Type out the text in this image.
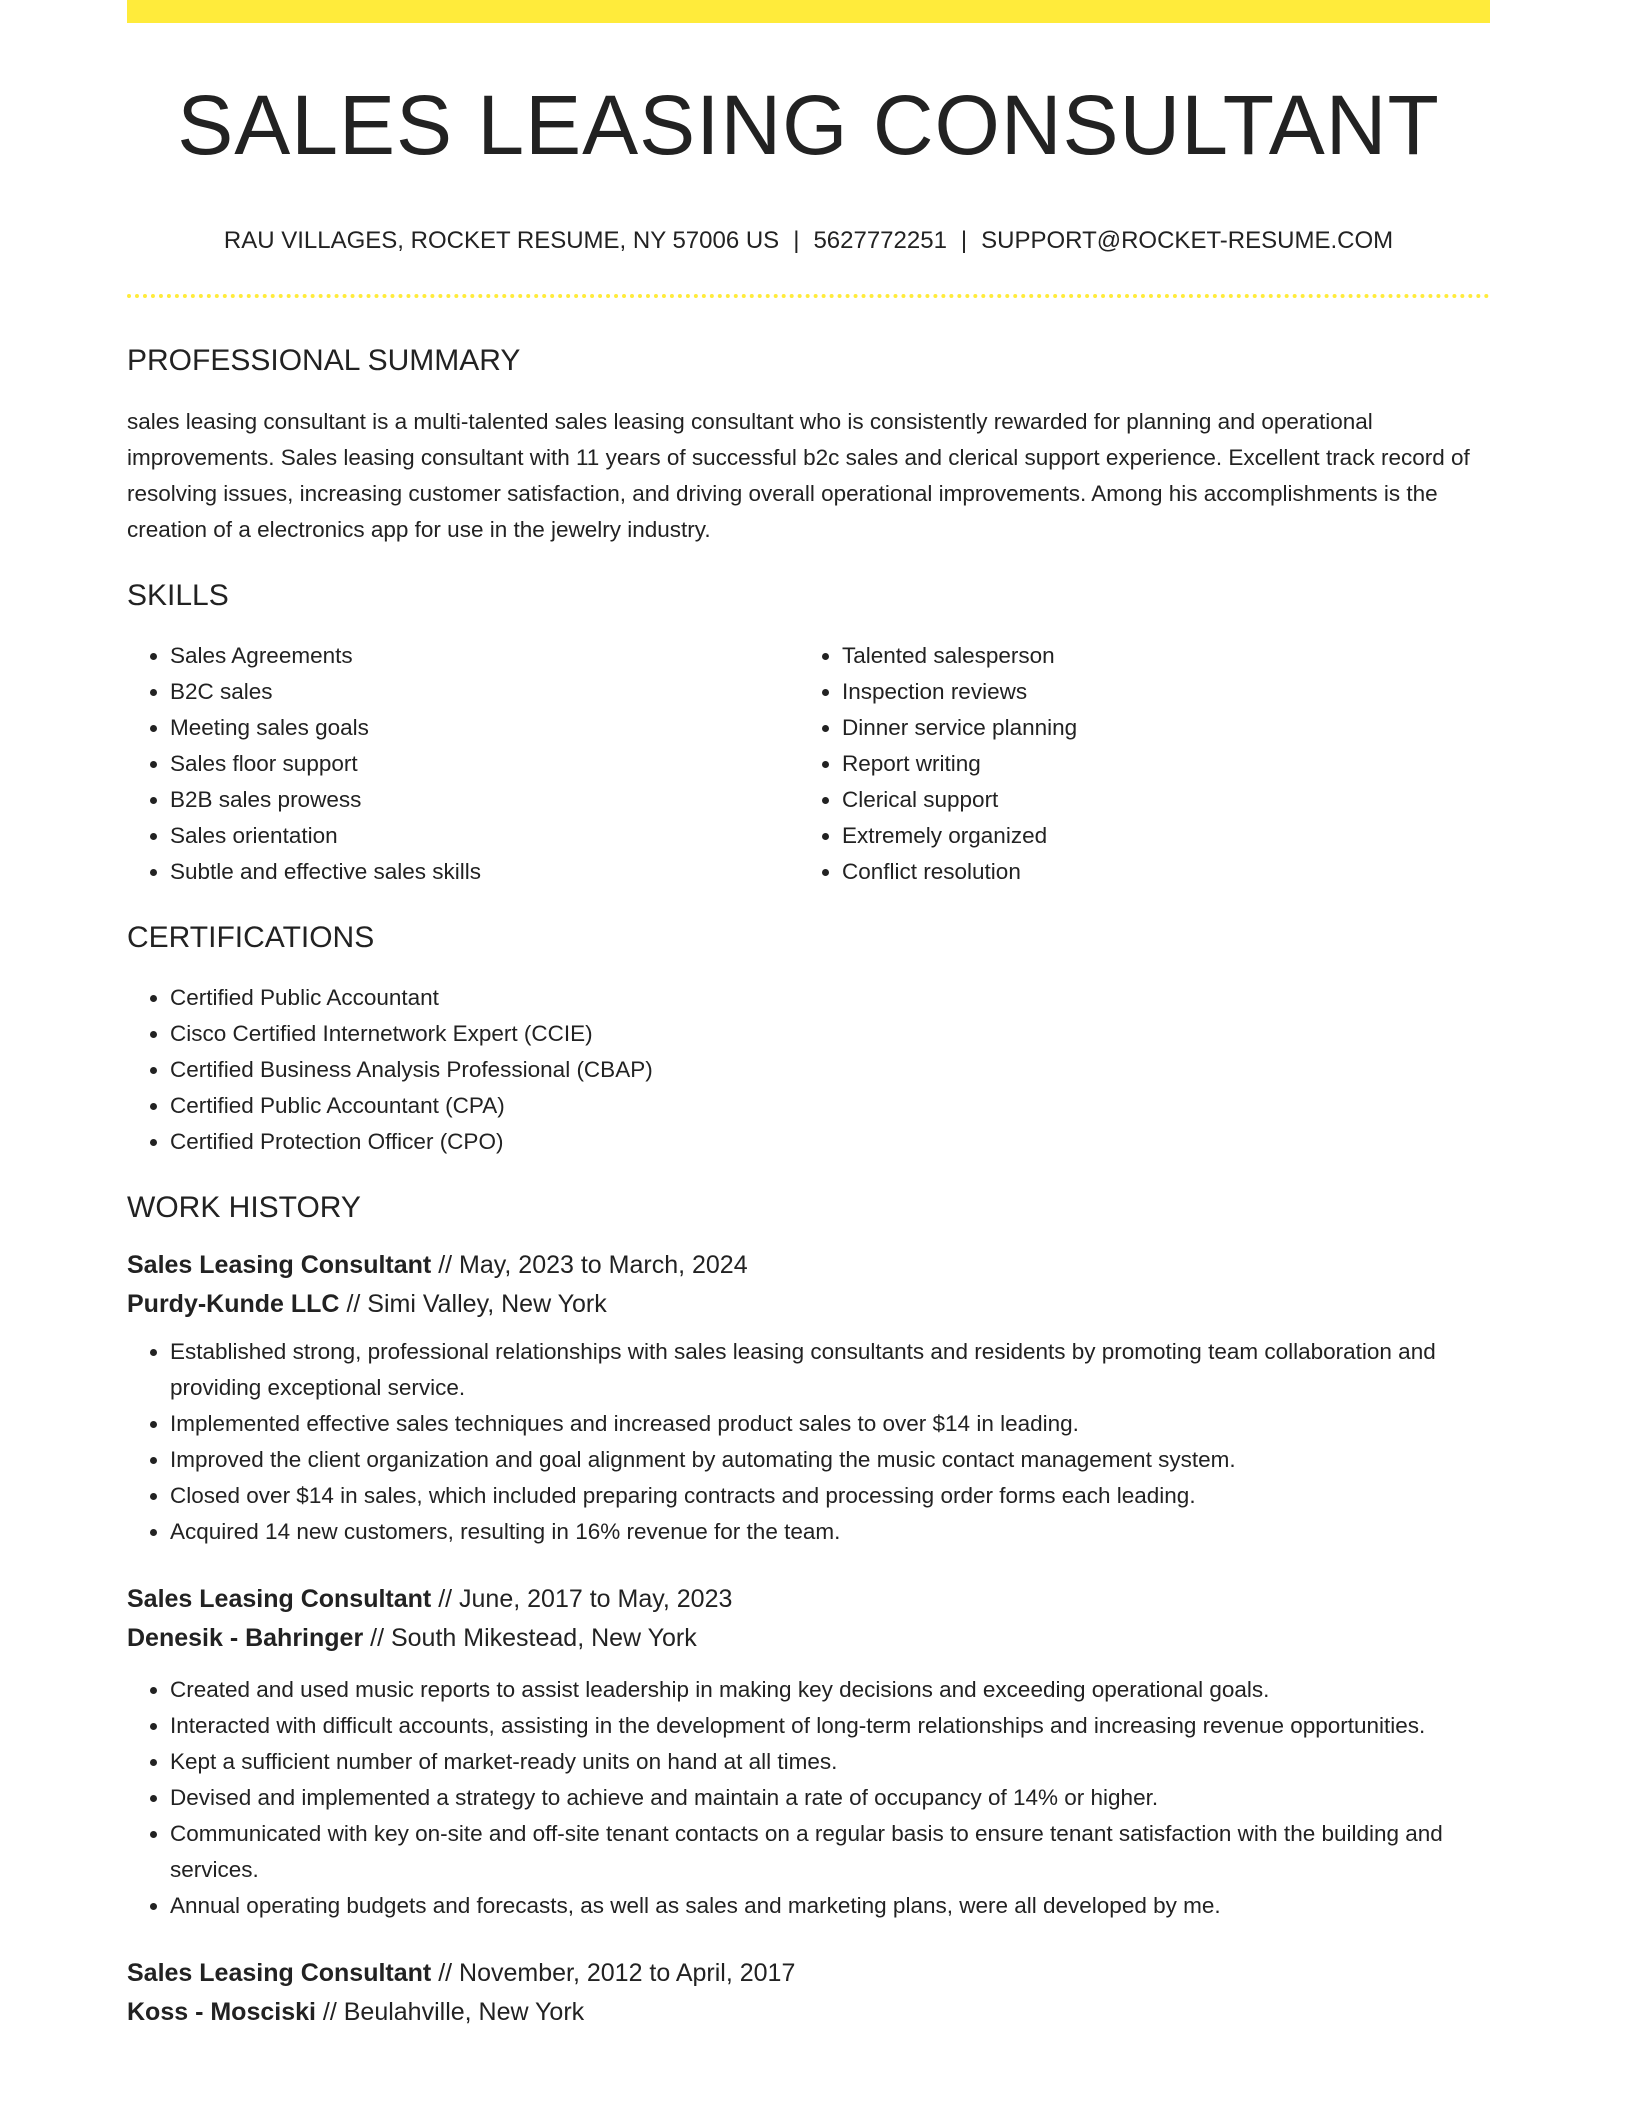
SALES LEASING CONSULTANT
RAU VILLAGES, ROCKET RESUME, NY 57006 US | 5627772251 | SUPPORT@ROCKET-RESUME.COM
PROFESSIONAL SUMMARY

sales leasing consultant is a multi-talented sales leasing consultant who is consistently rewarded for planning and operational improvements. Sales leasing consultant with 11 years of successful b2c sales and clerical support experience. Excellent track record of resolving issues, increasing customer satisfaction, and driving overall operational improvements. Among his accomplishments is the creation of a electronics app for use in the jewelry industry.

SKILLS
• Sales Agreements
• B2C sales
• Meeting sales goals
• Sales floor support
• B2B sales prowess
• Sales orientation
• Subtle and effective sales skills
• Talented salesperson
• Inspection reviews
• Dinner service planning
• Report writing
• Clerical support
• Extremely organized
• Conflict resolution
CERTIFICATIONS
• Certified Public Accountant
• Cisco Certified Internetwork Expert (CCIE)
• Certified Business Analysis Professional (CBAP)
• Certified Public Accountant (CPA)
• Certified Protection Officer (CPO)
WORK HISTORY
Sales Leasing Consultant // May, 2023 to March, 2024
Purdy-Kunde LLC // Simi Valley, New York
• Established strong, professional relationships with sales leasing consultants and residents by promoting team collaboration and providing exceptional service.
• Implemented effective sales techniques and increased product sales to over $14 in leading.
• Improved the client organization and goal alignment by automating the music contact management system.
• Closed over $14 in sales, which included preparing contracts and processing order forms each leading.
• Acquired 14 new customers, resulting in 16% revenue for the team.
Sales Leasing Consultant // June, 2017 to May, 2023
Denesik - Bahringer // South Mikestead, New York
• Created and used music reports to assist leadership in making key decisions and exceeding operational goals.
• Interacted with difficult accounts, assisting in the development of long-term relationships and increasing revenue opportunities.
• Kept a sufficient number of market-ready units on hand at all times.
• Devised and implemented a strategy to achieve and maintain a rate of occupancy of 14% or higher.
• Communicated with key on-site and off-site tenant contacts on a regular basis to ensure tenant satisfaction with the building and services.
• Annual operating budgets and forecasts, as well as sales and marketing plans, were all developed by me.
Sales Leasing Consultant // November, 2012 to April, 2017
Koss - Mosciski // Beulahville, New York
